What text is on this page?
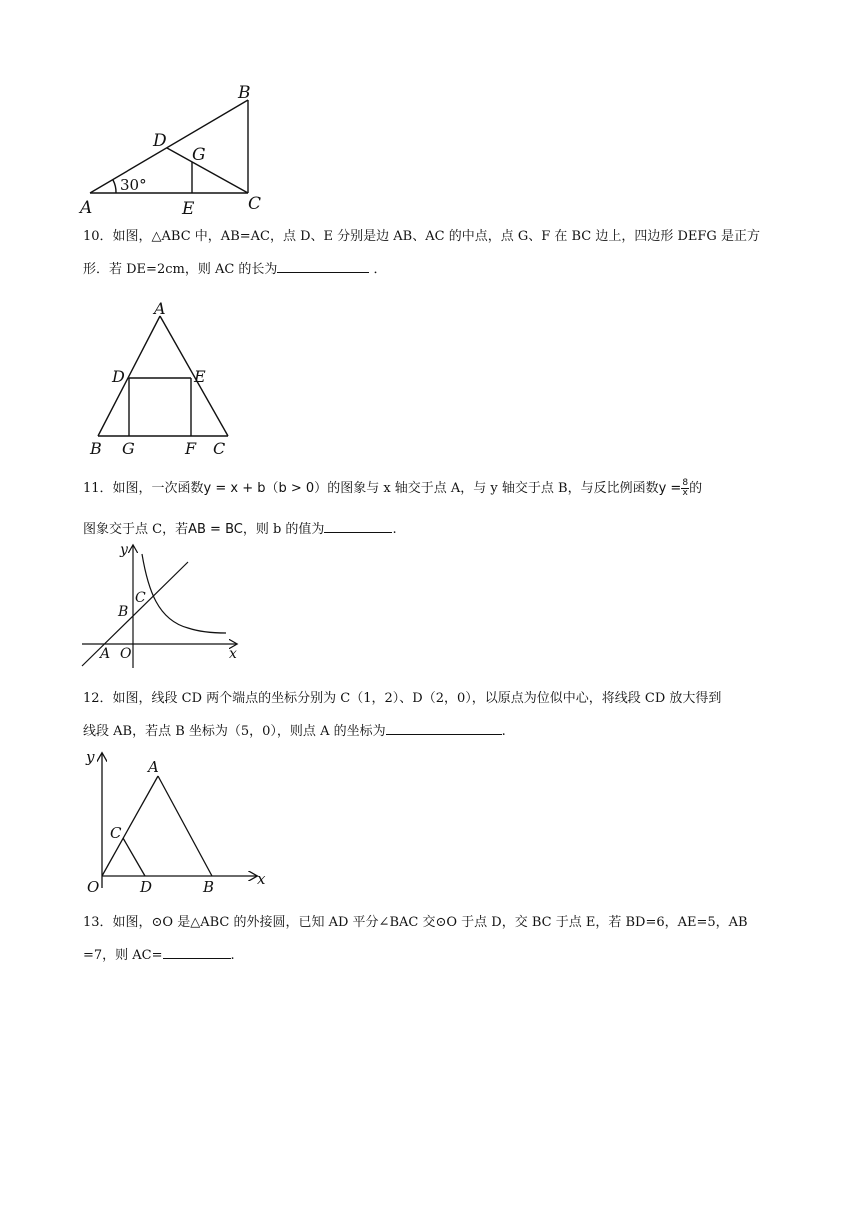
B
D
G
30°
A	E	C
10．如图，△ABC 中，AB=AC，点 D、E 分别是边 AB、AC 的中点，点 G、F 在 BC 边上，四边形 DEFG 是正方
形．若 DE=2cm，则 AC 的长为	．
A
D	E
B G	F C
11．如图，一次函数y = x + b（b > 0）的图象与 x 轴交于点 A，与 y 轴交于点 B，与反比例函数$y = \frac{8}{x}$ 的
图象交于点 C，若AB = BC，则 b 的值为	.
y
x
C
B
A O
12．如图，线段 CD 两个端点的坐标分别为 C（1，2）、D（2，0），以原点为位似中心，将线段 CD 放大得到
线段 AB，若点 B 坐标为（5，0），则点 A 的坐标为	.
y
x
A
C
O	D	B
13．如图，⊙O 是△ABC 的外接圆，已知 AD 平分∠BAC 交⊙O 于点 D，交 BC 于点 E，若 BD=6，AE=5，AB
=7，则 AC=	.
